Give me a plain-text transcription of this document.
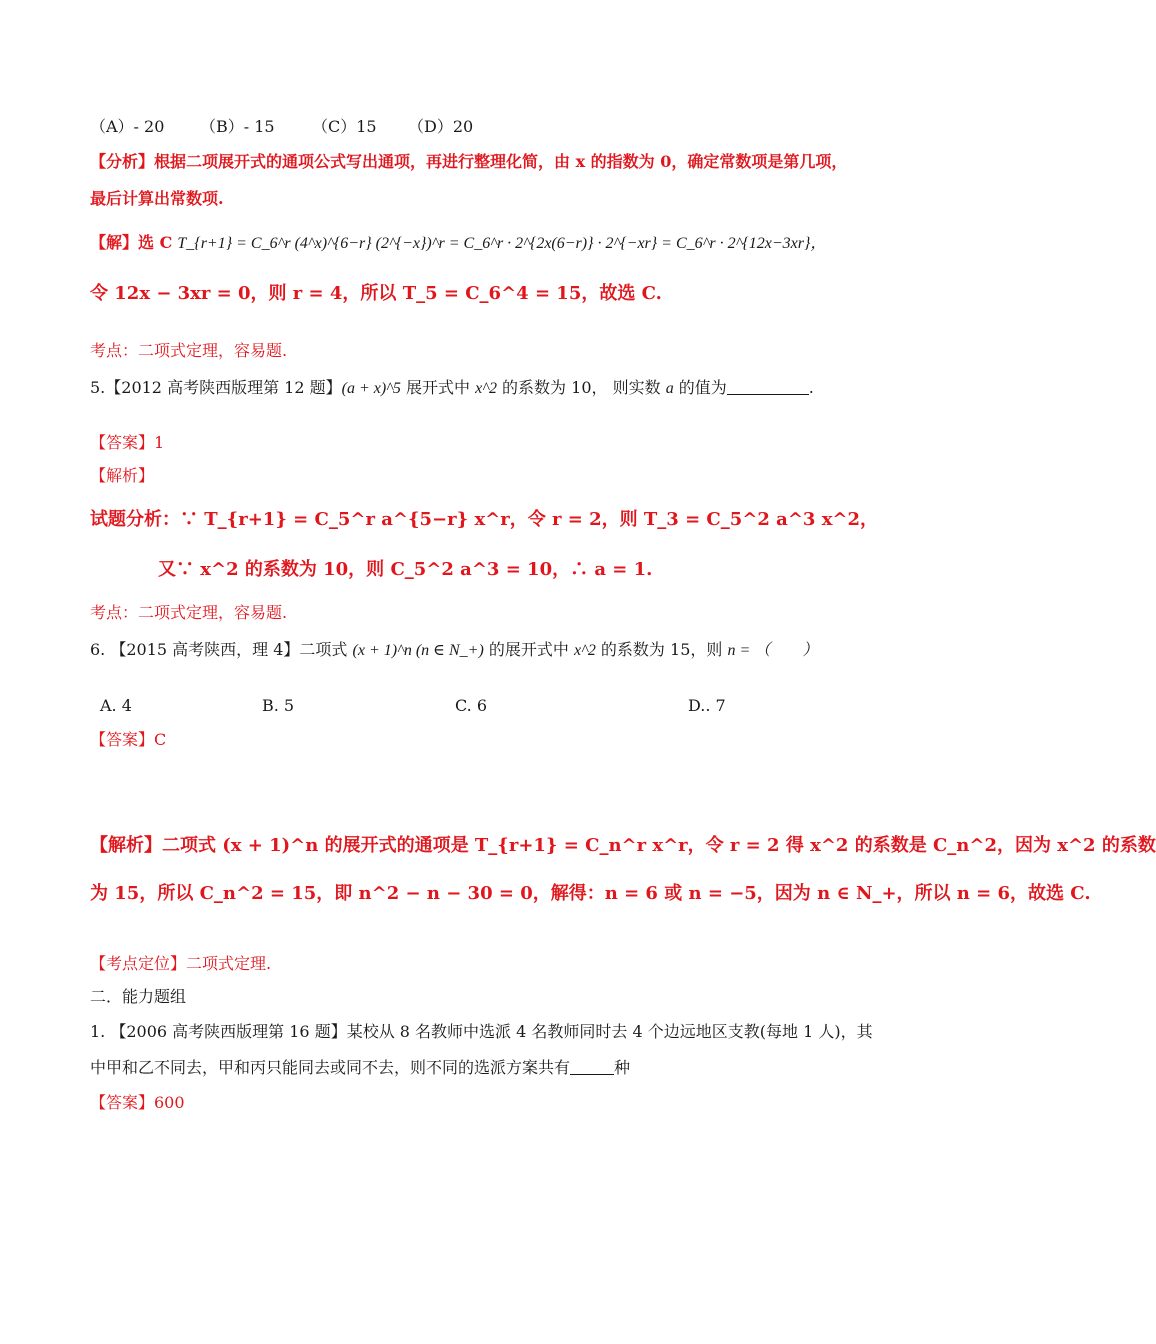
（A）- 20 （B）- 15 （C）15 （D）20
【分析】根据二项展开式的通项公式写出通项，再进行整理化简，由 x 的指数为 0，确定常数项是第几项，
最后计算出常数项.
【解】选 C T_{r+1} = C_6^r (4^x)^{6−r} (2^{−x})^r = C_6^r · 2^{2x(6−r)} · 2^{−xr} = C_6^r · 2^{12x−3xr}，
令 12x − 3xr = 0，则 r = 4，所以 T_5 = C_6^4 = 15，故选 C.
考点：二项式定理，容易题.
5.【2012 高考陕西版理第 12 题】(a + x)^5 展开式中 x^2 的系数为 10， 则实数 a 的值为	.
【答案】1
【解析】
试题分析：∵ T_{r+1} = C_5^r a^{5−r} x^r，令 r = 2，则 T_3 = C_5^2 a^3 x^2，
又∵ x^2 的系数为 10，则 C_5^2 a^3 = 10，∴ a = 1.
考点：二项式定理，容易题.
6. 【2015 高考陕西，理 4】二项式 (x + 1)^n (n ∈ N_+) 的展开式中 x^2 的系数为 15，则 n = （　　）
A. 4	B. 5	C. 6	D.. 7
【答案】C
【解析】二项式 (x + 1)^n 的展开式的通项是 T_{r+1} = C_n^r x^r，令 r = 2 得 x^2 的系数是 C_n^2，因为 x^2 的系数
为 15，所以 C_n^2 = 15，即 n^2 − n − 30 = 0，解得：n = 6 或 n = −5，因为 n ∈ N_+，所以 n = 6，故选 C.
【考点定位】二项式定理.
二．能力题组
1. 【2006 高考陕西版理第 16 题】某校从 8 名教师中选派 4 名教师同时去 4 个边远地区支教(每地 1 人)，其
中甲和乙不同去，甲和丙只能同去或同不去，则不同的选派方案共有	种
【答案】600
